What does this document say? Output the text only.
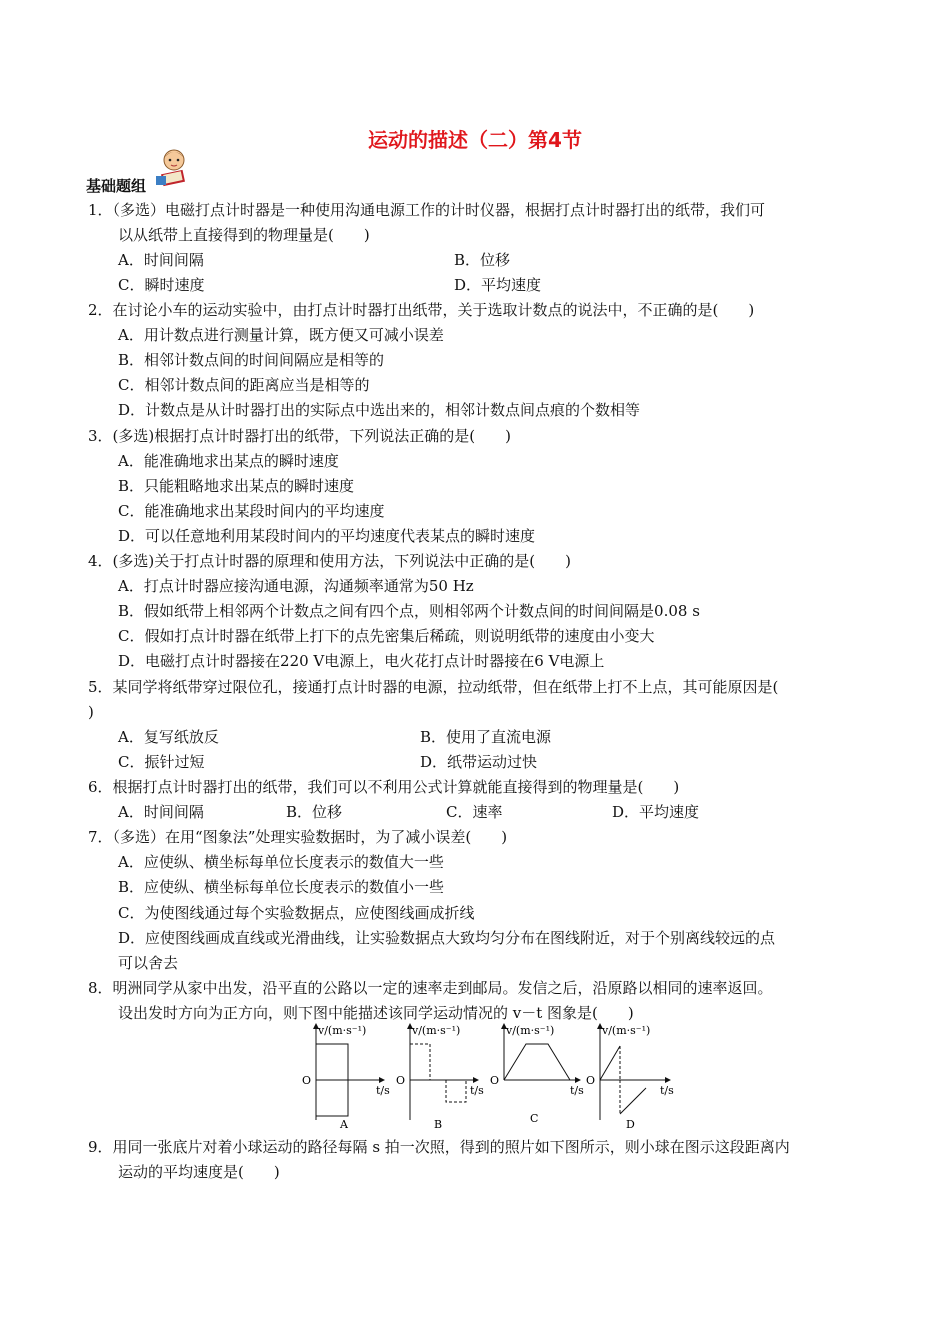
运动的描述（二）第4节
基础题组
1．（多选）电磁打点计时器是一种使用沟通电源工作的计时仪器，根据打点计时器打出的纸带，我们可
以从纸带上直接得到的物理量是(　　)
A．时间间隔	B．位移
C．瞬时速度	D．平均速度
2．在讨论小车的运动实验中，由打点计时器打出纸带，关于选取计数点的说法中，不正确的是(　　)
A．用计数点进行测量计算，既方便又可减小误差
B．相邻计数点间的时间间隔应是相等的
C．相邻计数点间的距离应当是相等的
D．计数点是从计时器打出的实际点中选出来的，相邻计数点间点痕的个数相等
3．(多选)根据打点计时器打出的纸带，下列说法正确的是(　　)
A．能准确地求出某点的瞬时速度
B．只能粗略地求出某点的瞬时速度
C．能准确地求出某段时间内的平均速度
D．可以任意地利用某段时间内的平均速度代表某点的瞬时速度
4．(多选)关于打点计时器的原理和使用方法，下列说法中正确的是(　　)
A．打点计时器应接沟通电源，沟通频率通常为50 Hz
B．假如纸带上相邻两个计数点之间有四个点，则相邻两个计数点间的时间间隔是0.08 s
C．假如打点计时器在纸带上打下的点先密集后稀疏，则说明纸带的速度由小变大
D．电磁打点计时器接在220 V电源上，电火花打点计时器接在6 V电源上
5．某同学将纸带穿过限位孔，接通打点计时器的电源，拉动纸带，但在纸带上打不上点，其可能原因是(
)
A．复写纸放反	B．使用了直流电源
C．振针过短	D．纸带运动过快
6．根据打点计时器打出的纸带，我们可以不利用公式计算就能直接得到的物理量是(　　)
A．时间间隔	B．位移	C．速率	D．平均速度
7．（多选）在用“图象法”处理实验数据时，为了减小误差(　　)
A．应使纵、横坐标每单位长度表示的数值大一些
B．应使纵、横坐标每单位长度表示的数值小一些
C．为使图线通过每个实验数据点，应使图线画成折线
D．应使图线画成直线或光滑曲线，让实验数据点大致均匀分布在图线附近，对于个别离线较远的点
可以舍去
8．明洲同学从家中出发，沿平直的公路以一定的速率走到邮局。发信之后，沿原路以相同的速率返回。
设出发时方向为正方向，则下图中能描述该同学运动情况的 v－t 图象是(　　)
O
v/(m·s⁻¹)
t/s
A
O
v/(m·s⁻¹)
t/s
B
O
v/(m·s⁻¹)
t/s
C
O
v/(m·s⁻¹)
t/s
D
9．用同一张底片对着小球运动的路径每隔 s 拍一次照，得到的照片如下图所示，则小球在图示这段距离内
运动的平均速度是(　　)
